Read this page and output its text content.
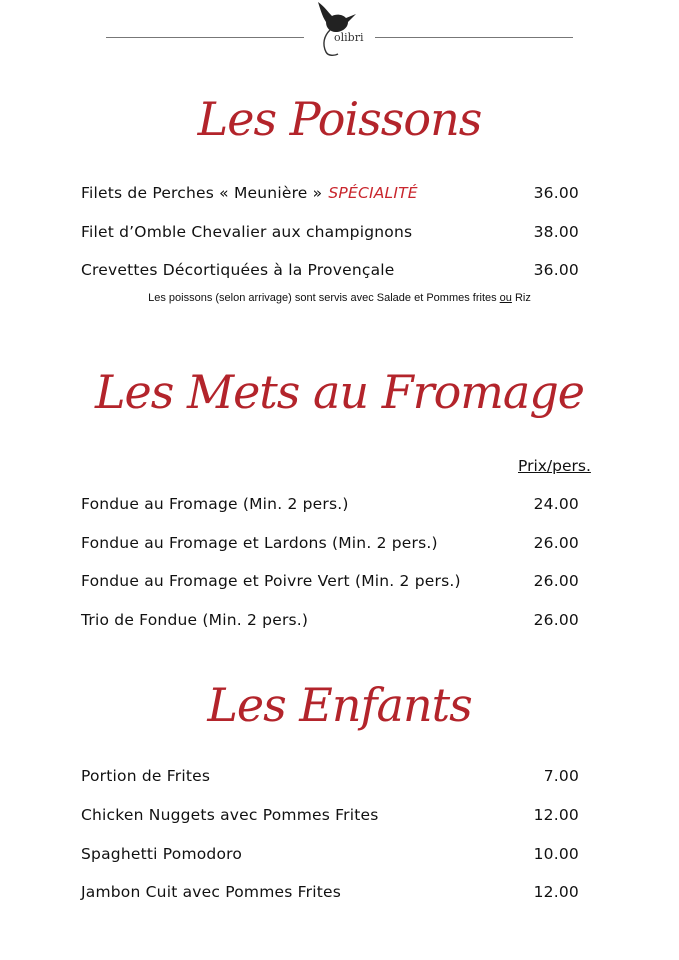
olibri
Les Poissons
Filets de Perches « Meunière » SPÉCIALITÉ	36.00
Filet d’Omble Chevalier aux champignons	38.00
Crevettes Décortiquées à la Provençale	36.00
Les poissons (selon arrivage) sont servis avec Salade et Pommes frites ou Riz
Les Mets au Fromage
Prix/pers.
Fondue au Fromage (Min. 2 pers.)	24.00
Fondue au Fromage et Lardons (Min. 2 pers.)	26.00
Fondue au Fromage et Poivre Vert (Min. 2 pers.)	26.00
Trio de Fondue (Min. 2 pers.)	26.00
Les Enfants
Portion de Frites	7.00
Chicken Nuggets avec Pommes Frites	12.00
Spaghetti Pomodoro	10.00
Jambon Cuit avec Pommes Frites	12.00
